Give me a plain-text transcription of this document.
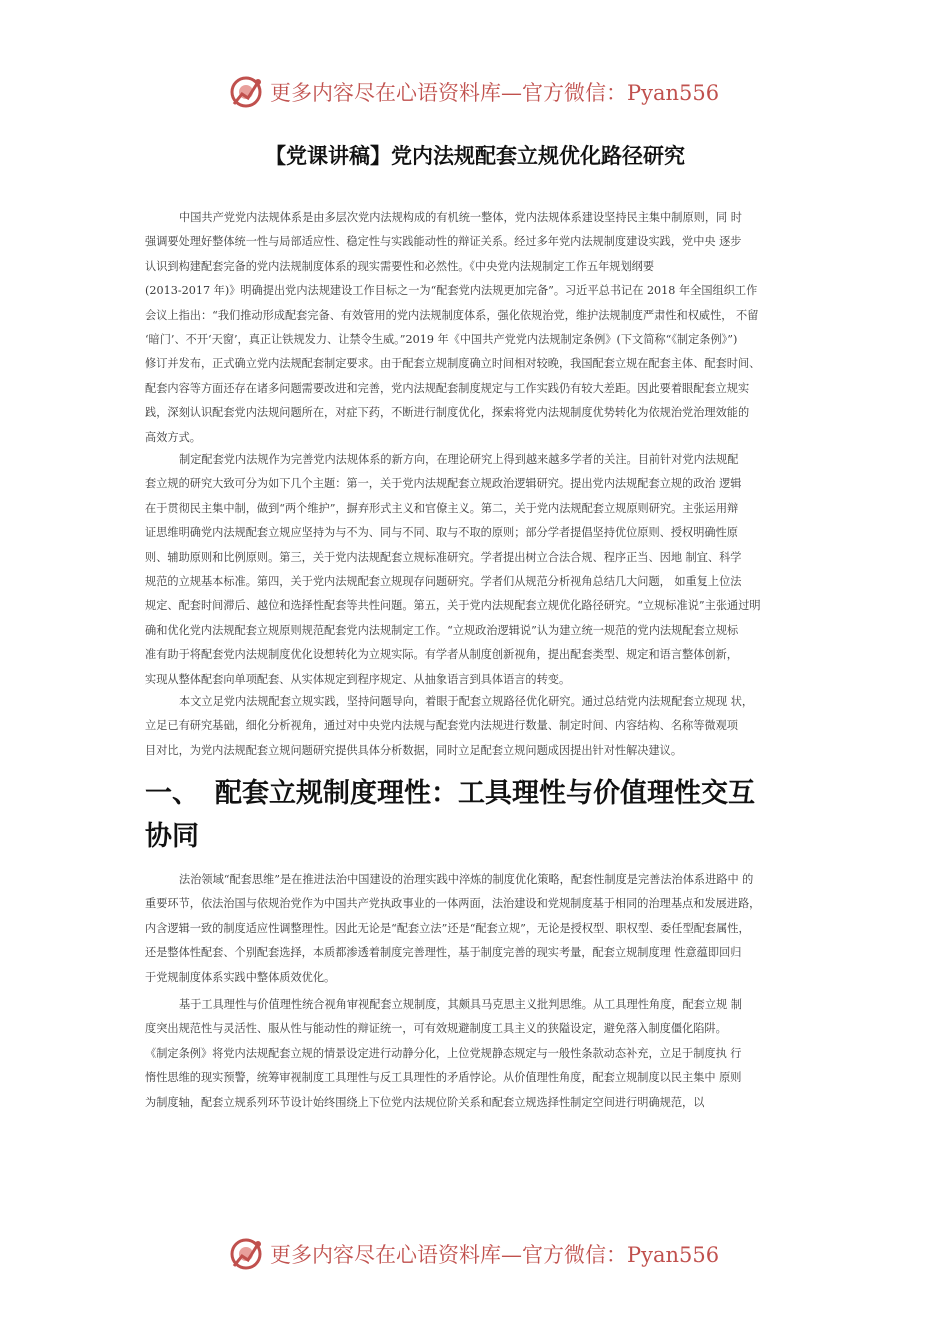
更多内容尽在心语资料库—官方微信：Pyan556
【党课讲稿】党内法规配套立规优化路径研究
中国共产党党内法规体系是由多层次党内法规构成的有机统一整体，党内法规体系建设坚持民主集中制原则，同 时
强调要处理好整体统一性与局部适应性、稳定性与实践能动性的辩证关系。经过多年党内法规制度建设实践，党中央 逐步
认识到构建配套完备的党内法规制度体系的现实需要性和必然性。《中央党内法规制定工作五年规划纲要
(2013-2017 年)》明确提出党内法规建设工作目标之一为“配套党内法规更加完备”。习近平总书记在 2018 年全国组织工作
会议上指出：“我们推动形成配套完备、有效管用的党内法规制度体系，强化依规治党，维护法规制度严肃性和权威性， 不留
‘暗门’、不开‘天窗’，真正让铁规发力、让禁令生威。”2019 年《中国共产党党内法规制定条例》(下文简称“《制定条例》”)
修订并发布，正式确立党内法规配套制定要求。由于配套立规制度确立时间相对较晚，我国配套立规在配套主体、配套时间、
配套内容等方面还存在诸多问题需要改进和完善，党内法规配套制度规定与工作实践仍有较大差距。因此要着眼配套立规实
践，深刻认识配套党内法规问题所在，对症下药，不断进行制度优化，探索将党内法规制度优势转化为依规治党治理效能的
高效方式。
制定配套党内法规作为完善党内法规体系的新方向，在理论研究上得到越来越多学者的关注。目前针对党内法规配
套立规的研究大致可分为如下几个主题：第一，关于党内法规配套立规政治逻辑研究。提出党内法规配套立规的政治 逻辑
在于贯彻民主集中制，做到“两个维护”，摒弃形式主义和官僚主义。第二，关于党内法规配套立规原则研究。主张运用辩
证思维明确党内法规配套立规应坚持为与不为、同与不同、取与不取的原则；部分学者提倡坚持优位原则、授权明确性原
则、辅助原则和比例原则。第三，关于党内法规配套立规标准研究。学者提出树立合法合规、程序正当、因地 制宜、科学
规范的立规基本标准。第四，关于党内法规配套立规现存问题研究。学者们从规范分析视角总结几大问题， 如重复上位法
规定、配套时间滞后、越位和选择性配套等共性问题。第五，关于党内法规配套立规优化路径研究。“立规标准说”主张通过明
确和优化党内法规配套立规原则规范配套党内法规制定工作。“立规政治逻辑说”认为建立统一规范的党内法规配套立规标
准有助于将配套党内法规制度优化设想转化为立规实际。有学者从制度创新视角，提出配套类型、规定和语言整体创新，
实现从整体配套向单项配套、从实体规定到程序规定、从抽象语言到具体语言的转变。
本文立足党内法规配套立规实践，坚持问题导向，着眼于配套立规路径优化研究。通过总结党内法规配套立规现 状，
立足已有研究基础，细化分析视角，通过对中央党内法规与配套党内法规进行数量、制定时间、内容结构、名称等微观项
目对比，为党内法规配套立规问题研究提供具体分析数据，同时立足配套立规问题成因提出针对性解决建议。
一、 配套立规制度理性：工具理性与价值理性交互
协同
法治领域“配套思维”是在推进法治中国建设的治理实践中淬炼的制度优化策略，配套性制度是完善法治体系进路中 的
重要环节，依法治国与依规治党作为中国共产党执政事业的一体两面，法治建设和党规制度基于相同的治理基点和发展进路，
内含逻辑一致的制度适应性调整理性。因此无论是“配套立法”还是“配套立规”，无论是授权型、职权型、委任型配套属性，
还是整体性配套、个别配套选择，本质都渗透着制度完善理性，基于制度完善的现实考量，配套立规制度理 性意蕴即回归
于党规制度体系实践中整体质效优化。
基于工具理性与价值理性统合视角审视配套立规制度，其颇具马克思主义批判思维。从工具理性角度，配套立规 制
度突出规范性与灵活性、服从性与能动性的辩证统一，可有效规避制度工具主义的狭隘设定，避免落入制度僵化陷阱。
《制定条例》将党内法规配套立规的情景设定进行动静分化，上位党规静态规定与一般性条款动态补充，立足于制度执 行
惰性思维的现实预警，统筹审视制度工具理性与反工具理性的矛盾悖论。从价值理性角度，配套立规制度以民主集中 原则
为制度轴，配套立规系列环节设计始终围绕上下位党内法规位阶关系和配套立规选择性制定空间进行明确规范，以
更多内容尽在心语资料库—官方微信：Pyan556
